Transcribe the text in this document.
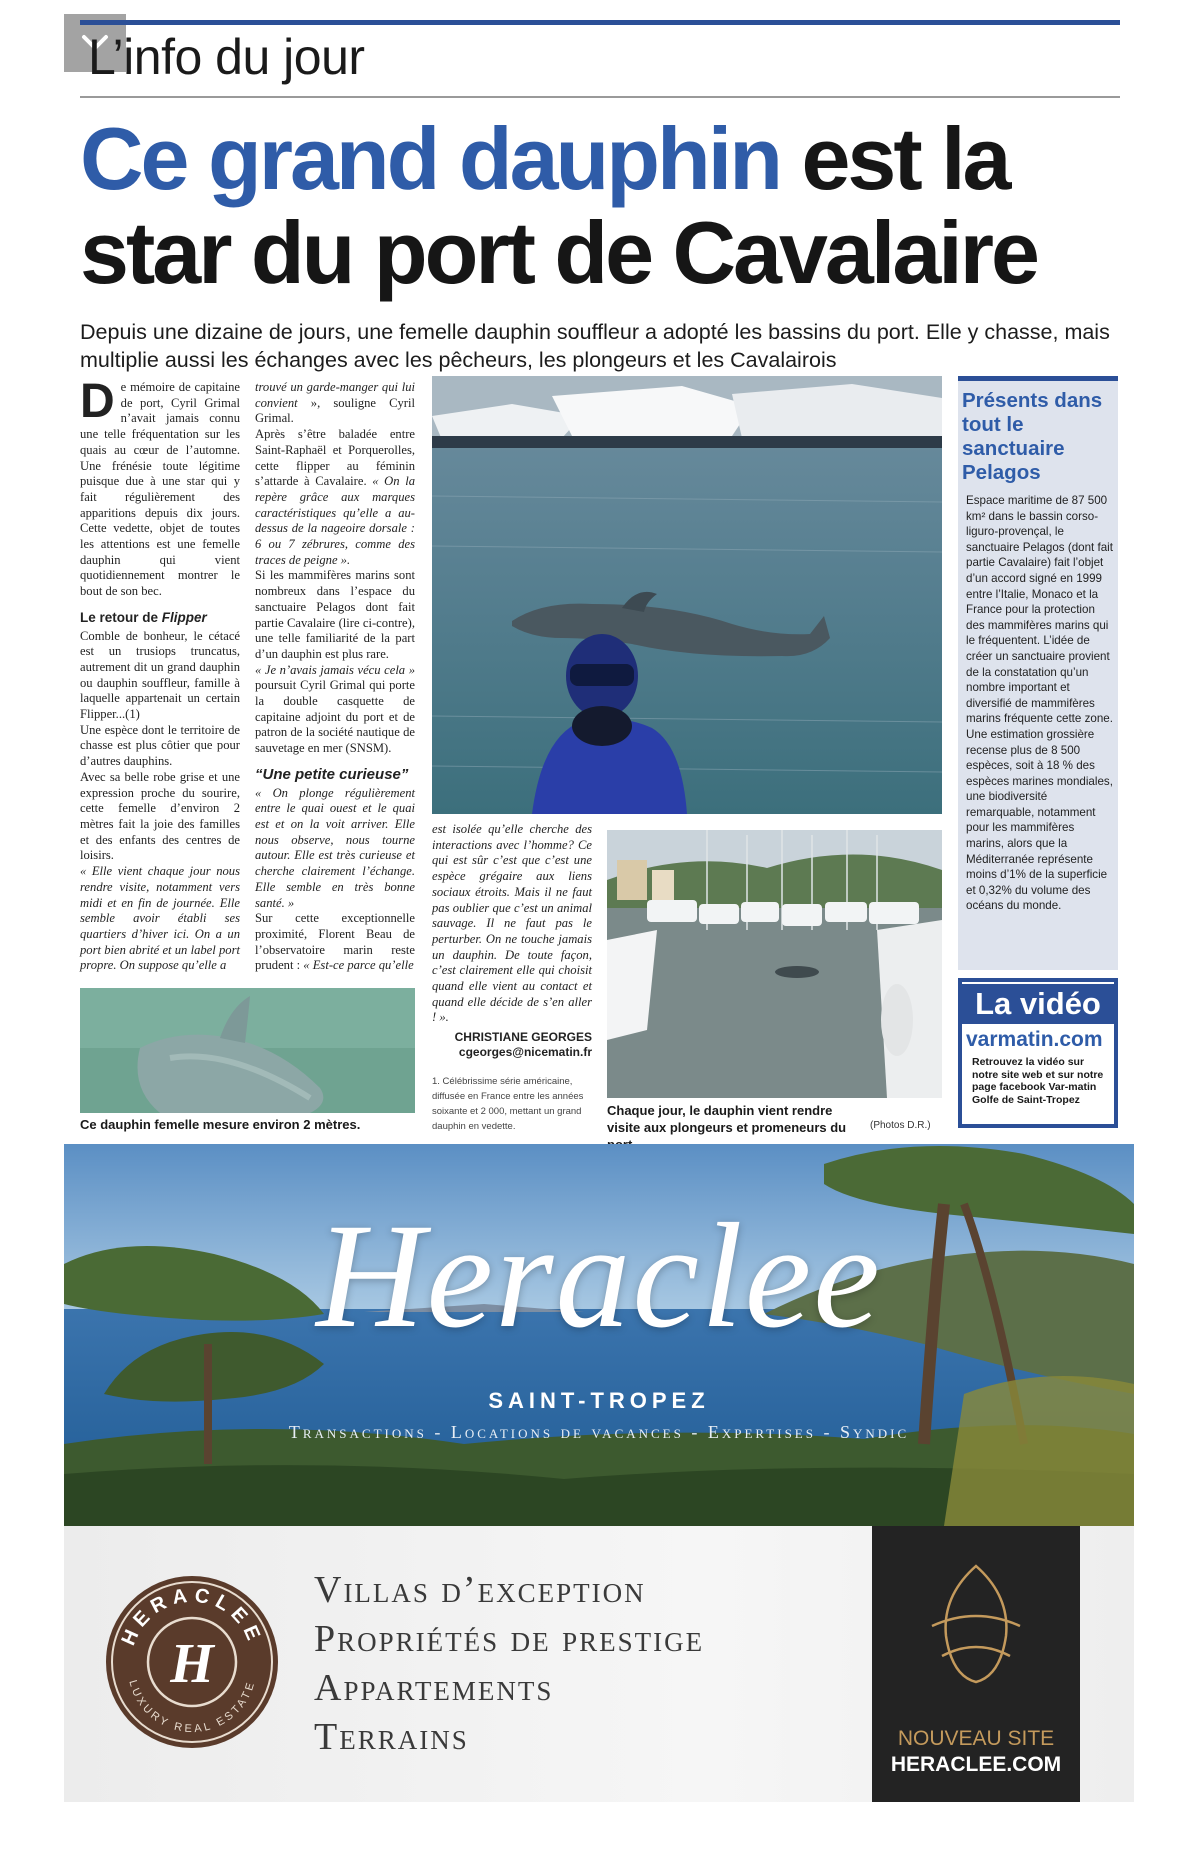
L’info du jour
Ce grand dauphin est la star du port de Cavalaire
Depuis une dizaine de jours, une femelle dauphin souffleur a adopté les bassins du port. Elle y chasse, mais multiplie aussi les échanges avec les pêcheurs, les plongeurs et les Cavalairois

De mémoire de capitaine de port, Cyril Grimal n’avait jamais connu une telle fréquentation sur les quais au cœur de l’automne. Une frénésie toute légitime puisque due à une star qui y fait régulièrement des apparitions depuis dix jours. Cette vedette, objet de toutes les attentions est une femelle dauphin qui vient quotidiennement montrer le bout de son bec.

Le retour de Flipper

Comble de bonheur, le cétacé est un trusiops truncatus, autrement dit un grand dauphin ou dauphin souffleur, famille à laquelle appartenait un certain Flipper...(1)

Une espèce dont le territoire de chasse est plus côtier que pour d’autres dauphins.

Avec sa belle robe grise et une expression proche du sourire, cette femelle d’environ 2 mètres fait la joie des familles et des enfants des centres de loisirs.

« Elle vient chaque jour nous rendre visite, notamment vers midi et en fin de journée. Elle semble avoir établi ses quartiers d’hiver ici. On a un port bien abrité et un label port propre. On suppose qu’elle a

trouvé un garde-manger qui lui convient », souligne Cyril Grimal.

Après s’être baladée entre Saint-Raphaël et Porquerolles, cette flipper au féminin s’attarde à Cavalaire. « On la repère grâce aux marques caractéristiques qu’elle a au-dessus de la nageoire dorsale : 6 ou 7 zébrures, comme des traces de peigne ».

Si les mammifères marins sont nombreux dans l’espace du sanctuaire Pelagos dont fait partie Cavalaire (lire ci-contre), une telle familiarité de la part d’un dauphin est plus rare.

« Je n’avais jamais vécu cela » poursuit Cyril Grimal qui porte la double casquette de capitaine adjoint du port et de patron de la société nautique de sauvetage en mer (SNSM).

“Une petite curieuse”

« On plonge régulièrement entre le quai ouest et le quai est et on la voit arriver. Elle nous observe, nous tourne autour. Elle est très curieuse et cherche clairement l’échange. Elle semble en très bonne santé. »

Sur cette exceptionnelle proximité, Florent Beau de l’observatoire marin reste prudent : « Est-ce parce qu’elle

est isolée qu’elle cherche des interactions avec l’homme? Ce qui est sûr c’est que c’est une espèce grégaire aux liens sociaux étroits. Mais il ne faut pas oublier que c’est un animal sauvage. Il ne faut pas le perturber. On ne touche jamais un dauphin. De toute façon, c’est clairement elle qui choisit quand elle vient au contact et quand elle décide de s’en aller ! ».

CHRISTIANE GEORGES
cgeorges@nicematin.fr
1. Célébrissime série américaine, diffusée en France entre les années soixante et 2 000, mettant un grand dauphin en vedette.
Ce dauphin femelle mesure environ 2 mètres.
Chaque jour, le dauphin vient rendre visite aux plongeurs et promeneurs du	(Photos D.R.)
Présents dans tout le sanctuaire Pelagos
Espace maritime de 87 500 km² dans le bassin corso-liguro-provençal, le sanctuaire Pelagos (dont fait partie Cavalaire) fait l’objet d’un accord signé en 1999 entre l’Italie, Monaco et la France pour la protection des mammifères marins qui le fréquentent. L’idée de créer un sanctuaire provient de la constatation qu’un nombre important et diversifié de mammifères marins fréquente cette zone. Une estimation grossière recense plus de 8 500 espèces, soit à 18 % des espèces marines mondiales, une biodiversité remarquable, notamment pour les mammifères marins, alors que la Méditerranée représente moins d’1% de la superficie et 0,32% du volume des océans du monde.
La vidéo
varmatin.com
Retrouvez la vidéo sur notre site web et sur notre page facebook Var-matin Golfe de Saint-Tropez
Heraclee
SAINT-TROPEZ
Transactions - Locations de vacances - Expertises - Syndic
HERACLEE
LUXURY REAL ESTATE
H
Villas d’exception
Propriétés de prestige
Appartements
Terrains	NOUVEAU SITE
HERACLEE.COM
